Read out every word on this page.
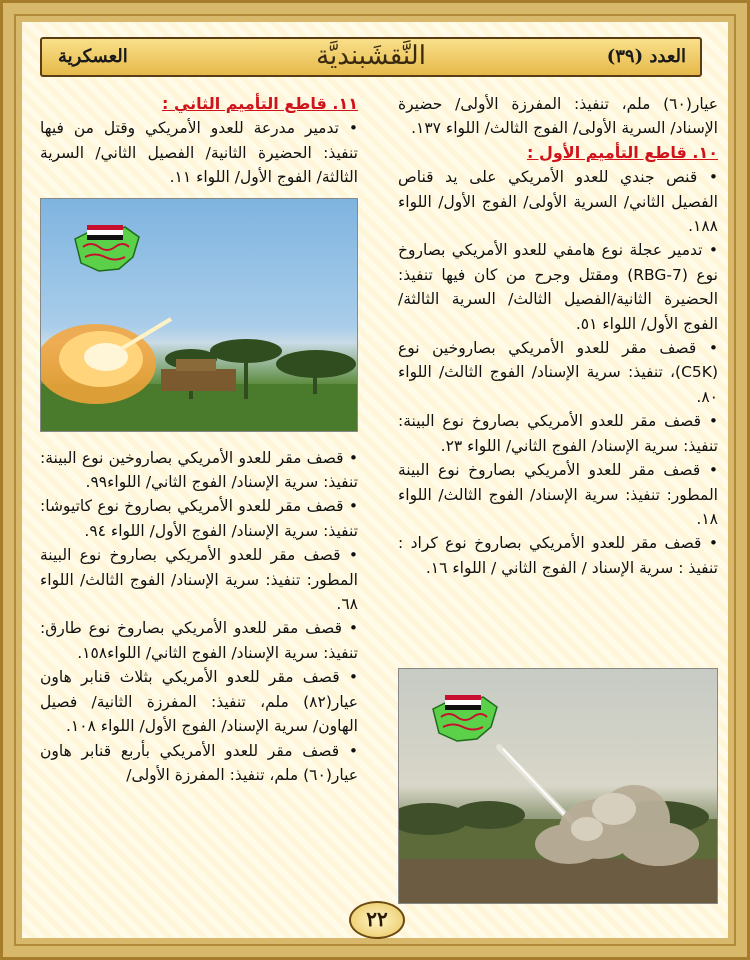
العدد (٣٩)
النَّقشَبنديَّة
العسكرية

عيار(٦٠) ملم، تنفيذ: المفرزة الأولى/ حضيرة الإسناد/ السرية الأولى/ الفوج الثالث/ اللواء ١٣٧.

١٠. قاطع التأميم الأول :

• قنص جندي للعدو الأمريكي على يد قناص الفصيل الثاني/ السرية الأولى/ الفوج الأول/ اللواء ١٨٨.

• تدمير عجلة نوع هامفي للعدو الأمريكي بصاروخ نوع (RBG-7) ومقتل وجرح من كان فيها تنفيذ: الحضيرة الثانية/الفصيل الثالث/ السرية الثالثة/ الفوج الأول/ اللواء ٥١.

• قصف مقر للعدو الأمريكي بصاروخين نوع (C5K)، تنفيذ: سرية الإسناد/ الفوج الثالث/ اللواء ٨٠.

• قصف مقر للعدو الأمريكي بصاروخ نوع البينة: تنفيذ: سرية الإسناد/ الفوج الثاني/ اللواء ٢٣.

• قصف مقر للعدو الأمريكي بصاروخ نوع البينة المطور: تنفيذ: سرية الإسناد/ الفوج الثالث/ اللواء ١٨.

• قصف مقر للعدو الأمريكي بصاروخ نوع كراد : تنفيذ : سرية الإسناد / الفوج الثاني / اللواء ١٦.

١١. قاطع التأميم الثاني :

• تدمير مدرعة للعدو الأمريكي وقتل من فيها تنفيذ: الحضيرة الثانية/ الفصيل الثاني/ السرية الثالثة/ الفوج الأول/ اللواء ١١.

• قصف مقر للعدو الأمريكي بصاروخين نوع البينة: تنفيذ: سرية الإسناد/ الفوج الثاني/ اللواء٩٩.

• قصف مقر للعدو الأمريكي بصاروخ نوع كاتيوشا: تنفيذ: سرية الإسناد/ الفوج الأول/ اللواء ٩٤.

• قصف مقر للعدو الأمريكي بصاروخ نوع البينة المطور: تنفيذ: سرية الإسناد/ الفوج الثالث/ اللواء ٦٨.

• قصف مقر للعدو الأمريكي بصاروخ نوع طارق: تنفيذ: سرية الإسناد/ الفوج الثاني/ اللواء١٥٨.

• قصف مقر للعدو الأمريكي بثلاث قنابر هاون عيار(٨٢) ملم، تنفيذ: المفرزة الثانية/ فصيل الهاون/ سرية الإسناد/ الفوج الأول/ اللواء ١٠٨.

• قصف مقر للعدو الأمريكي بأربع قنابر هاون عيار(٦٠) ملم، تنفيذ: المفرزة الأولى/

٢٢
